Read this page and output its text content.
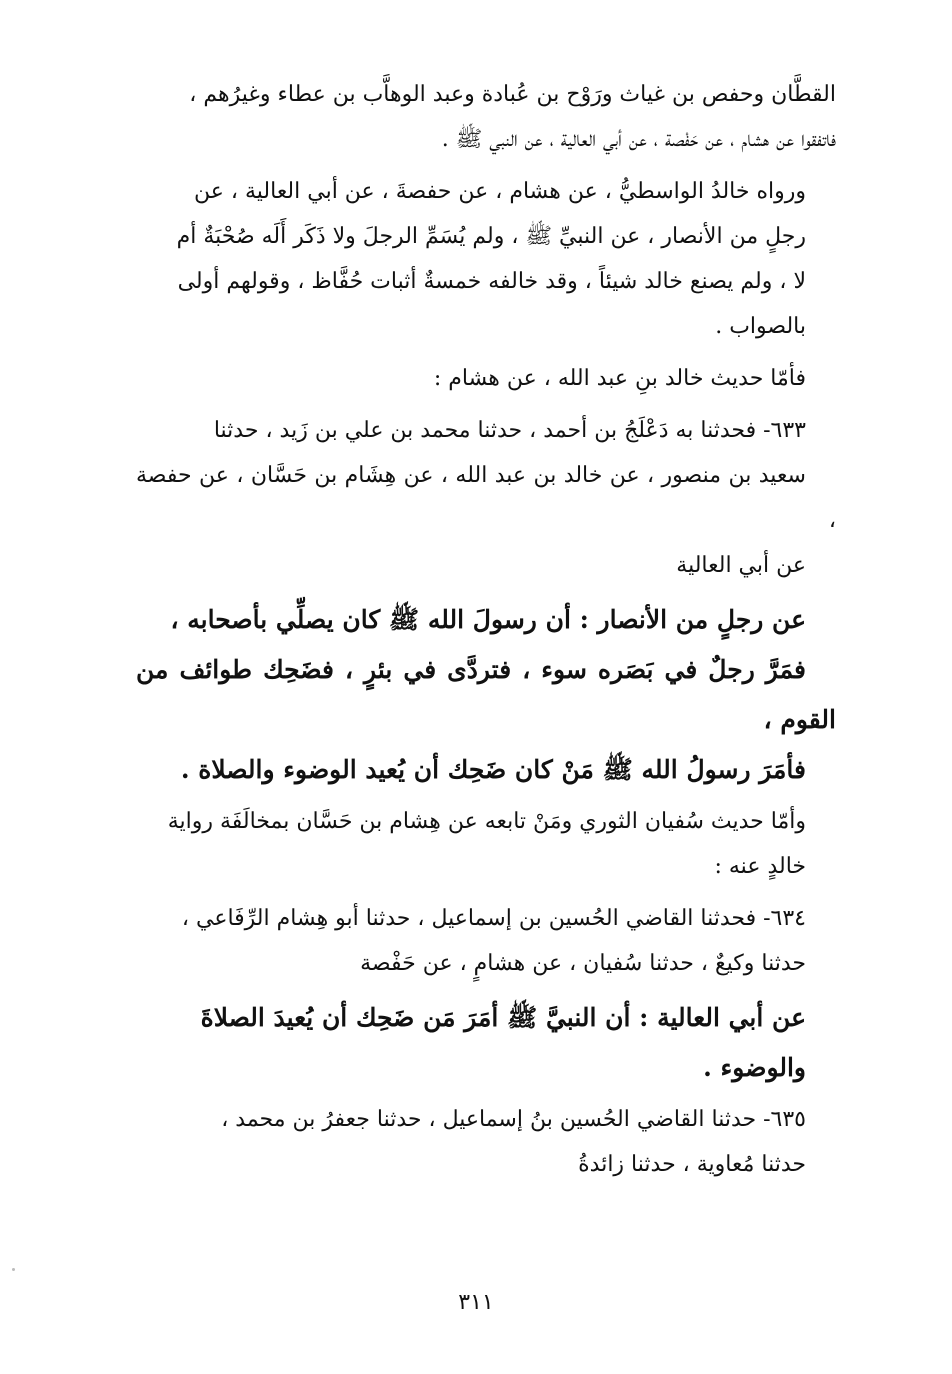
القطَّان وحفص بن غياث ورَوْح بن عُبادة وعبد الوهاَّب بن عطاء وغيرُهم ،
فاتفقوا عن هشام ، عن حَفْصة ، عن أبي العالية ، عن النبي ﷺ .

ورواه خالدُ الواسطيُّ ، عن هشام ، عن حفصةَ ، عن أبي العالية ، عن
رجلٍ من الأنصار ، عن النبيِّ ﷺ ، ولم يُسَمِّ الرجلَ ولا ذَكَر أَلَه صُحْبَةٌ أم
لا ، ولم يصنع خالد شيئاً ، وقد خالفه خمسةٌ أثبات حُفَّاظ ، وقولهم أولى
بالصواب .

فأمّا حديث خالد بنِ عبد الله ، عن هشام :

٦٣٣- فحدثنا به دَعْلَجُ بن أحمد ، حدثنا محمد بن علي بن زَيد ، حدثنا
سعيد بن منصور ، عن خالد بن عبد الله ، عن هِشَام بن حَسَّان ، عن حفصة ،
عن أبي العالية

عن رجلٍ من الأنصار : أن رسولَ الله ﷺ كان يصلِّي بأصحابه ،
فمَرَّ رجلٌ في بَصَره سوء ، فتردَّى في بئرٍ ، فضَحِك طوائف من القوم ،
فأمَرَ رسولُ الله ﷺ مَنْ كان ضَحِك أن يُعيد الوضوء والصلاة .

وأمّا حديث سُفيان الثوري ومَنْ تابعه عن هِشام بن حَسَّان بمخالَفَة رواية
خالدٍ عنه :

٦٣٤- فحدثنا القاضي الحُسين بن إسماعيل ، حدثنا أبو هِشام الرِّفَاعي ،
حدثنا وكيعٌ ، حدثنا سُفيان ، عن هشامٍ ، عن حَفْصة

عن أبي العالية : أن النبيَّ ﷺ أمَرَ مَن ضَحِك أن يُعيدَ الصلاةَ
والوضوء .

٦٣٥- حدثنا القاضي الحُسين بنُ إسماعيل ، حدثنا جعفرُ بن محمد ،
حدثنا مُعاوية ، حدثنا زائدةُ

٣١١
